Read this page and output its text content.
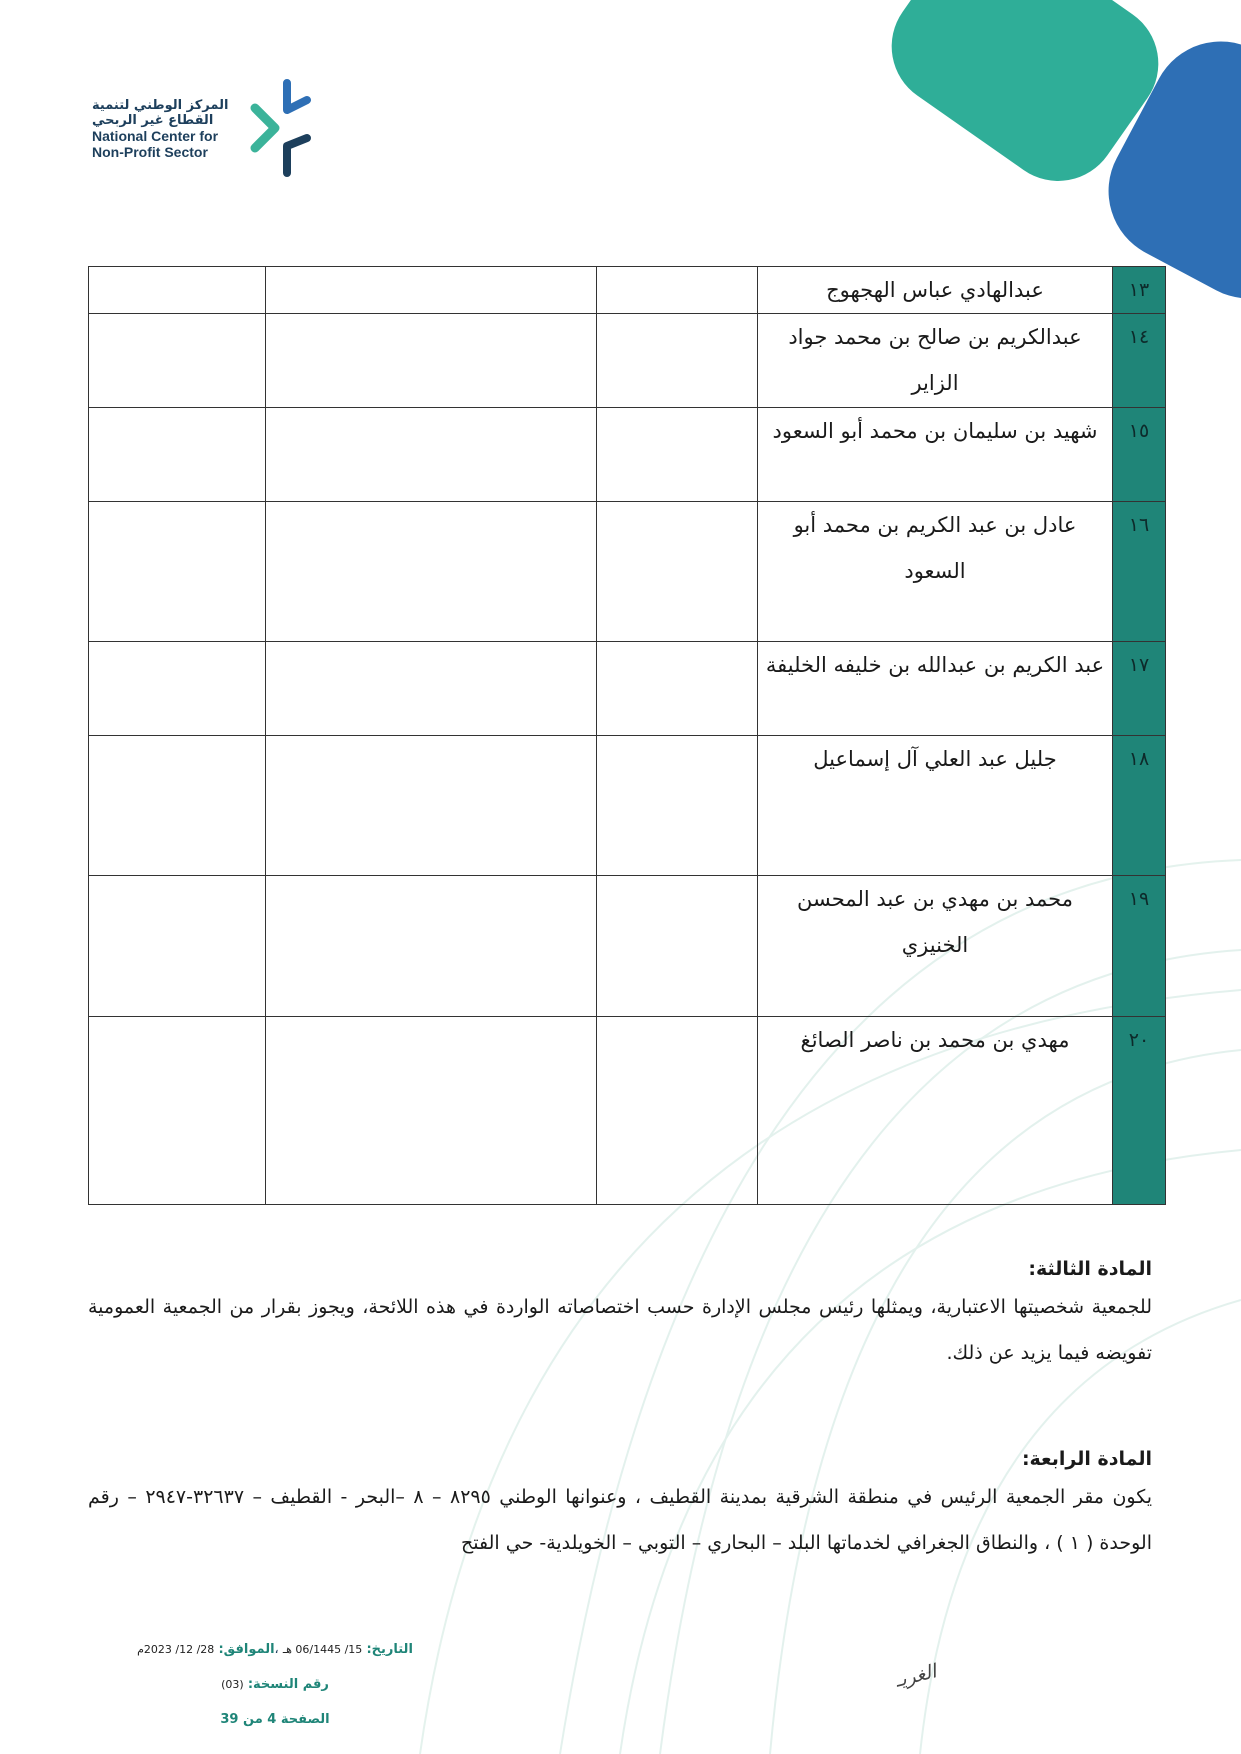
المركز الوطني لتنمية
القطاع غير الربحي
National Center for
Non-Profit Sector
١٣	عبدالهادي عباس الهجهوج			
١٤	عبدالكريم بن صالح بن محمد جواد الزاير			
١٥	شهيد بن سليمان بن محمد أبو السعود			
١٦	عادل بن عبد الكريم بن محمد أبو السعود			
١٧	عبد الكريم بن عبدالله بن خليفه الخليفة			
١٨	جليل عبد العلي آل إسماعيل			
١٩	محمد بن مهدي بن عبد المحسن الخنيزي			
٢٠	مهدي بن محمد بن ناصر الصائغ			
المادة الثالثة:

للجمعية شخصيتها الاعتبارية، ويمثلها رئيس مجلس الإدارة حسب اختصاصاته الواردة في هذه اللائحة، ويجوز بقرار من الجمعية العمومية تفويضه فيما يزيد عن ذلك.

المادة الرابعة:

يكون مقر الجمعية الرئيس في منطقة الشرقية بمدينة القطيف ، وعنوانها الوطني ٨٢٩٥ – ٨ –البحر - القطيف – ٣٢٦٣٧-٢٩٤٧ – رقم الوحدة ( ١ ) ، والنطاق الجغرافي لخدماتها البلد – البحاري – التوبي – الخويلدية- حي الفتح

التاريخ: 15/ 06/1445 هـ ،الموافق: 28/ 12/ 2023م
رقم النسخة: (03)
الصفحة 4 من 39
الغريـ
